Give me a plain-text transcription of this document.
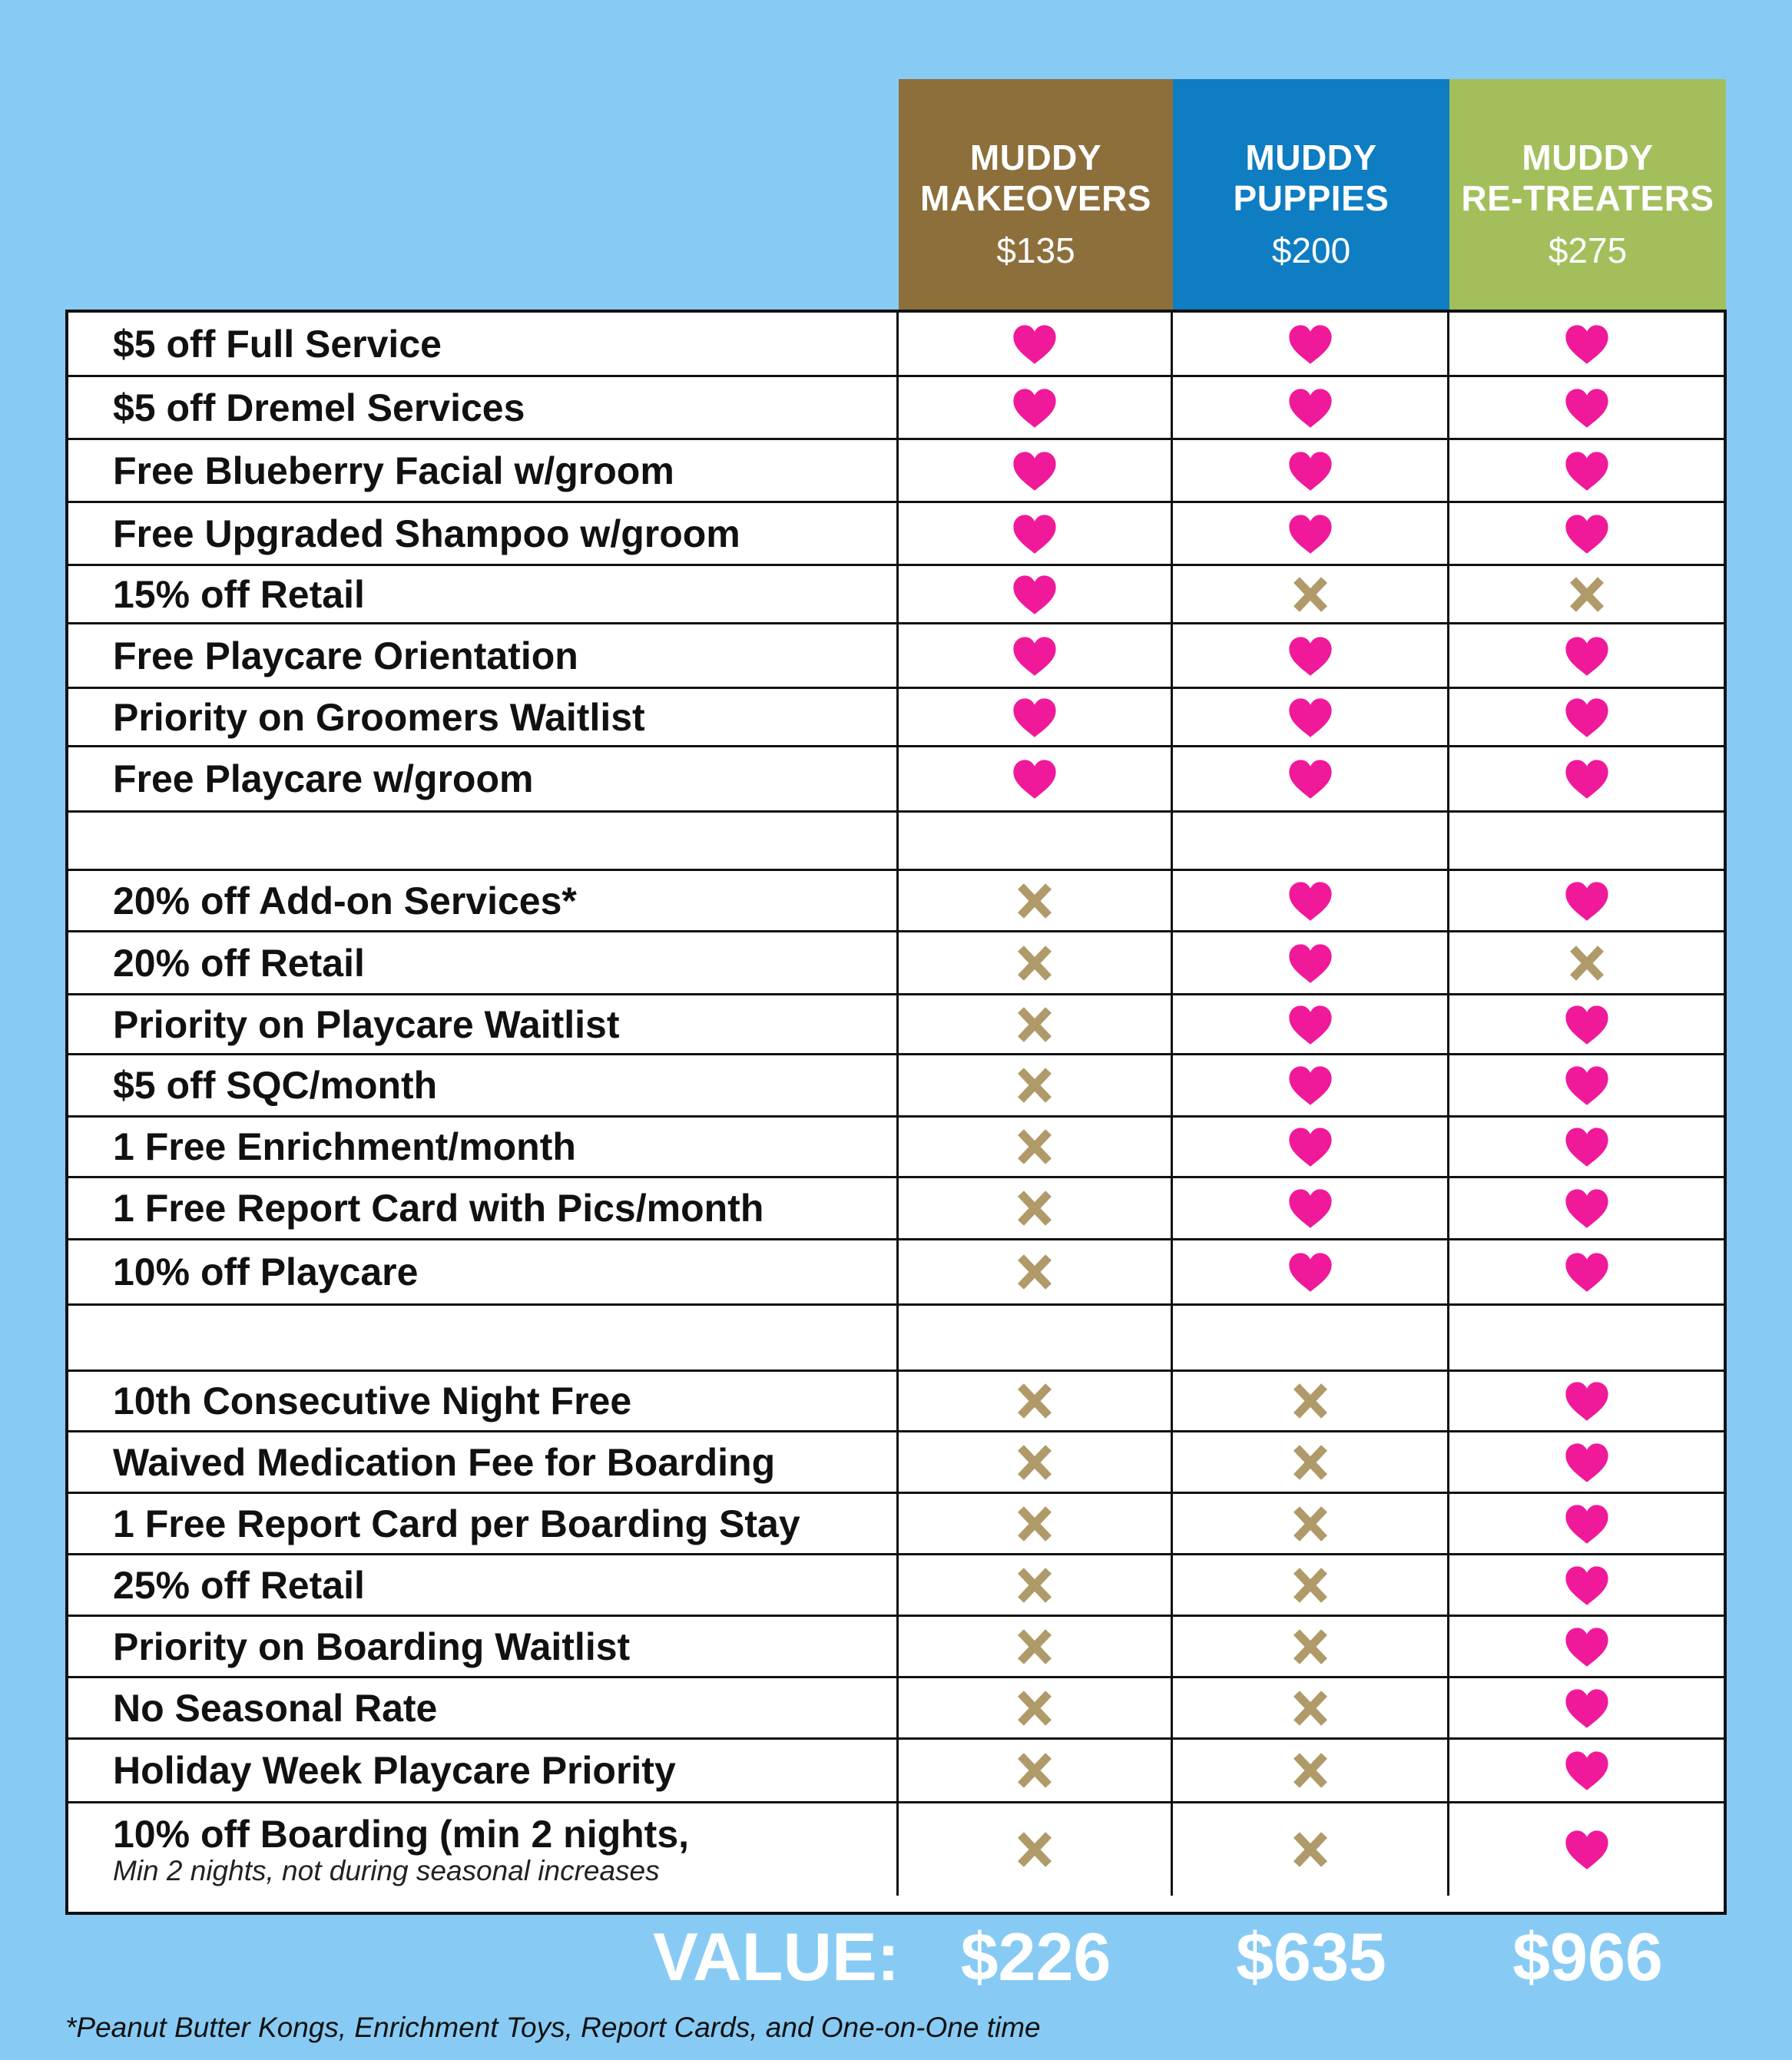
MUDDY
MAKEOVERS
$135
MUDDY
PUPPIES
$200
MUDDY
RE-TREATERS
$275
$5 off Full Service
$5 off Dremel Services
Free Blueberry Facial w/groom
Free Upgraded Shampoo w/groom
15% off Retail
Free Playcare Orientation
Priority on Groomers Waitlist
Free Playcare w/groom
20% off Add-on Services*
20% off Retail
Priority on Playcare Waitlist
$5 off SQC/month
1 Free Enrichment/month
1 Free Report Card with Pics/month
10% off Playcare
10th Consecutive Night Free
Waived Medication Fee for Boarding
1 Free Report Card per Boarding Stay
25% off Retail
Priority on Boarding Waitlist
No Seasonal Rate
Holiday Week Playcare Priority
10% off Boarding (min 2 nights,
Min 2 nights, not during seasonal increases
VALUE: $226	$635	$966
*Peanut Butter Kongs, Enrichment Toys, Report Cards, and One-on-One time
